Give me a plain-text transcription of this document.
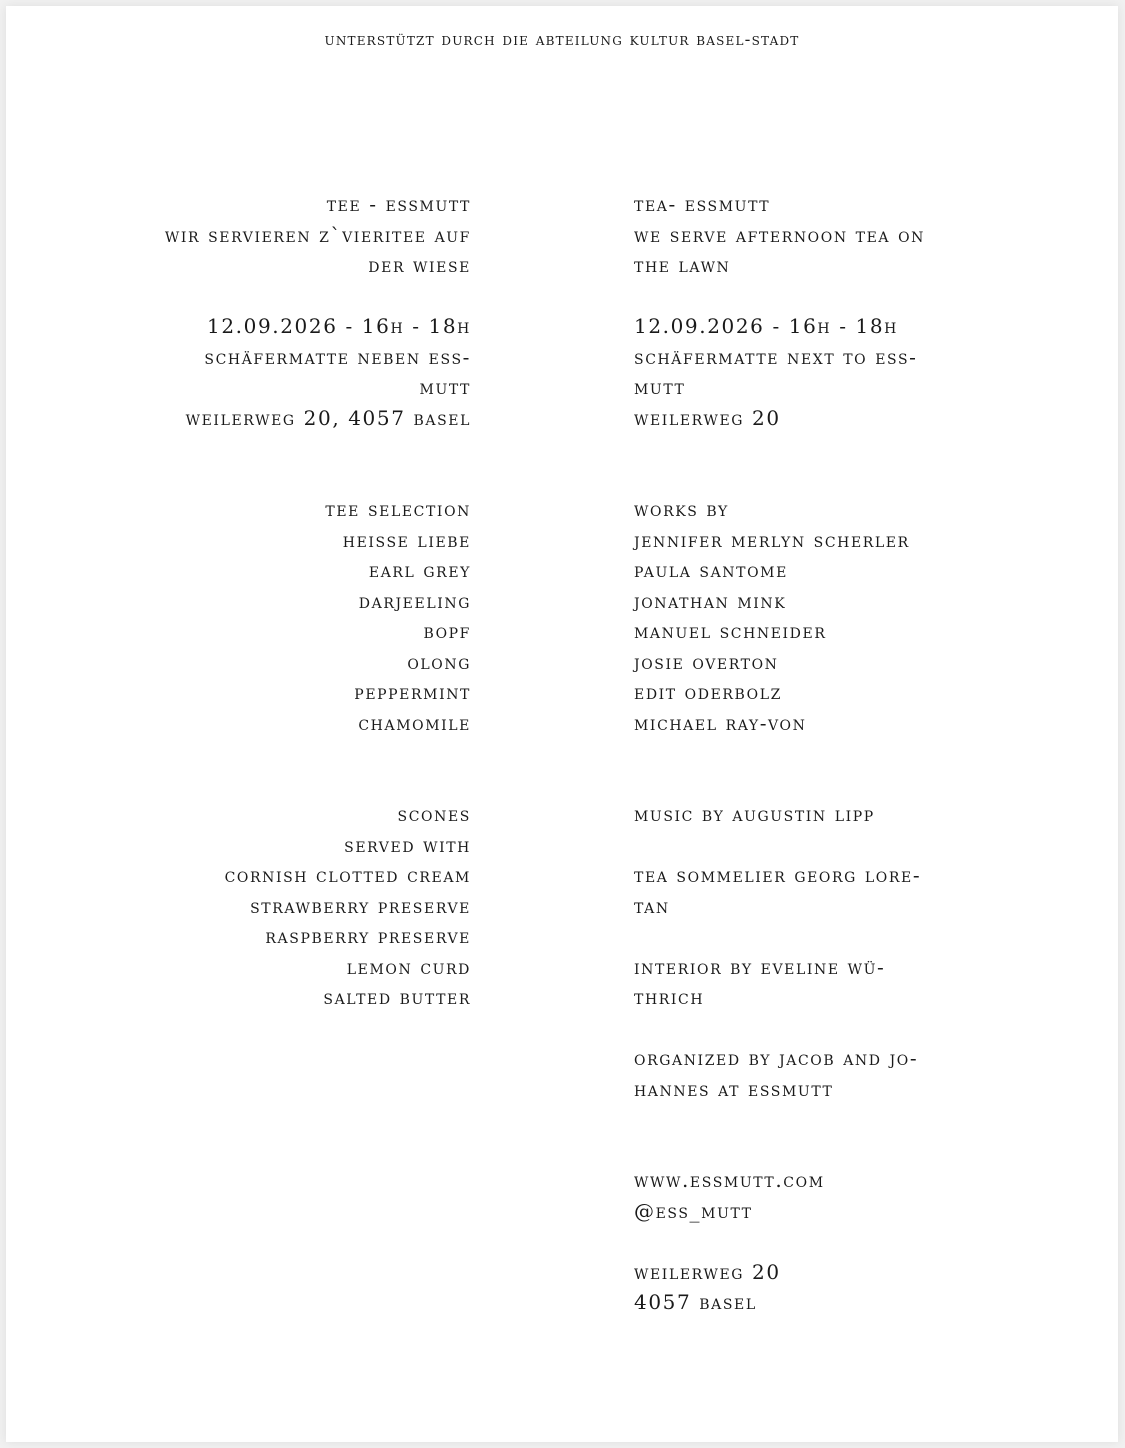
unterstützt durch die abteilung kultur basel-stadt
tee - essmutt
wir servieren z`vieritee auf
der wiese
12.09.2026 - 16h - 18h
schäfermatte neben ess-
mutt
weilerweg 20, 4057 basel
tee selection
heisse liebe
earl grey
darjeeling
bopf
olong
peppermint
chamomile
scones
served with
cornish clotted cream
strawberry preserve
raspberry preserve
lemon curd
salted butter
tea- essmutt
we serve afternoon tea on
the lawn
12.09.2026 - 16h - 18h
schäfermatte next to ess-
mutt
weilerweg 20
works by
jennifer merlyn scherler
paula santome
jonathan mink
manuel schneider
josie overton
edit oderbolz
michael ray-von
music by augustin lipp
tea sommelier georg lore-
tan
interior by eveline wü-
thrich
organized by jacob and jo-
hannes at essmutt
www.essmutt.com
@ess_mutt
weilerweg 20
4057 basel
